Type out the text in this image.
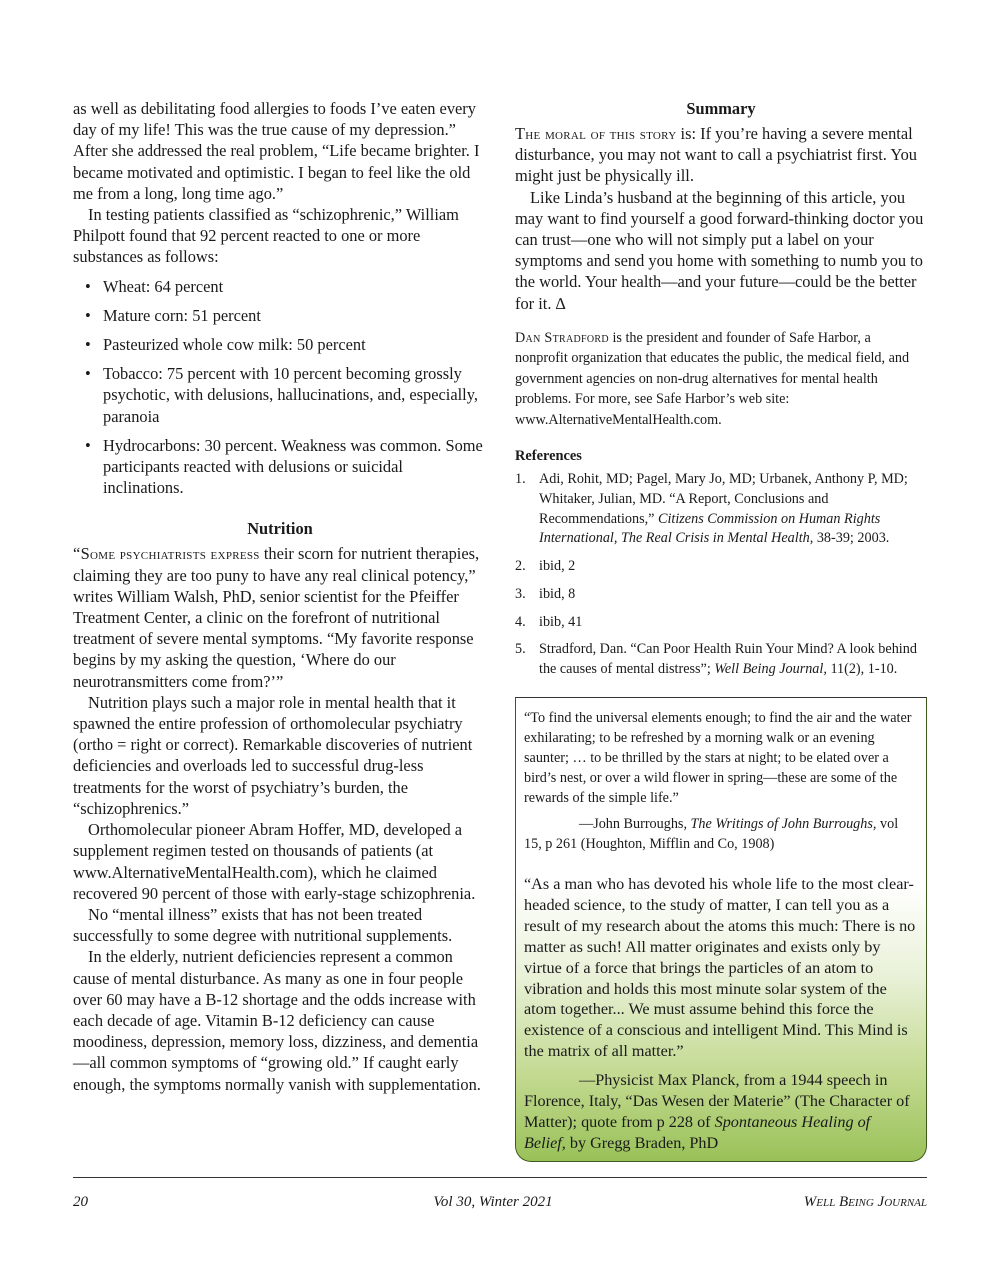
as well as debilitating food allergies to foods I’ve eaten every day of my life! This was the true cause of my depression.” After she addressed the real problem, “Life became brighter. I became motivated and optimistic. I began to feel like the old me from a long, long time ago.”

In testing patients classified as “schizophrenic,” William Philpott found that 92 percent reacted to one or more substances as follows:

• Wheat: 64 percent
• Mature corn: 51 percent
• Pasteurized whole cow milk: 50 percent
• Tobacco: 75 percent with 10 percent becoming grossly psychotic, with delusions, hallucinations, and, especially, paranoia
• Hydrocarbons: 30 percent. Weakness was common. Some participants reacted with delusions or suicidal inclinations.

Nutrition

“Some psychiatrists express their scorn for nutrient therapies, claiming they are too puny to have any real clinical potency,” writes William Walsh, PhD, senior scientist for the Pfeiffer Treatment Center, a clinic on the forefront of nutritional treatment of severe mental symptoms. “My favorite response begins by my asking the question, ‘Where do our neurotransmitters come from?’”

Nutrition plays such a major role in mental health that it spawned the entire profession of orthomolecular psychiatry (ortho = right or correct). Remarkable discoveries of nutrient deficiencies and overloads led to successful drug-less treatments for the worst of psychiatry’s burden, the “schizophrenics.”

Orthomolecular pioneer Abram Hoffer, MD, developed a supplement regimen tested on thousands of patients (at www.AlternativeMentalHealth.com), which he claimed recovered 90 percent of those with early-stage schizophrenia.

No “mental illness” exists that has not been treated successfully to some degree with nutritional supplements.

In the elderly, nutrient deficiencies represent a common cause of mental disturbance. As many as one in four people over 60 may have a B-12 shortage and the odds increase with each decade of age. Vitamin B-12 deficiency can cause moodiness, depression, memory loss, dizziness, and dementia—all common symptoms of “growing old.” If caught early enough, the symptoms normally vanish with supplementation.

Summary

The moral of this story is: If you’re having a severe mental disturbance, you may not want to call a psychiatrist first. You might just be physically ill.

Like Linda’s husband at the beginning of this article, you may want to find yourself a good forward-thinking doctor you can trust—one who will not simply put a label on your symptoms and send you home with something to numb you to the world. Your health—and your future—could be the better for it. ∆

Dan Stradford is the president and founder of Safe Harbor, a nonprofit organization that educates the public, the medical field, and government agencies on non-drug alternatives for mental health problems. For more, see Safe Harbor’s web site: www.AlternativeMentalHealth.com.

References

1. Adi, Rohit, MD; Pagel, Mary Jo, MD; Urbanek, Anthony P, MD; Whitaker, Julian, MD. “A Report, Conclusions and Recommendations,” Citizens Commission on Human Rights International, The Real Crisis in Mental Health, 38-39; 2003.
2. ibid, 2
3. ibid, 8
4. ibib, 41
5. Stradford, Dan. “Can Poor Health Ruin Your Mind? A look behind the causes of mental distress”; Well Being Journal, 11(2), 1-10.

“To find the universal elements enough; to find the air and the water exhilarating; to be refreshed by a morning walk or an evening saunter; … to be thrilled by the stars at night; to be elated over a bird’s nest, or over a wild flower in spring—these are some of the rewards of the simple life.”

—John Burroughs, The Writings of John Burroughs, vol 15, p 261 (Houghton, Mifflin and Co, 1908)

“As a man who has devoted his whole life to the most clear-headed science, to the study of matter, I can tell you as a result of my research about the atoms this much: There is no matter as such! All matter originates and exists only by virtue of a force that brings the particles of an atom to vibration and holds this most minute solar system of the atom together... We must assume behind this force the existence of a conscious and intelligent Mind. This Mind is the matrix of all matter.”

—Physicist Max Planck, from a 1944 speech in Florence, Italy, “Das Wesen der Materie” (The Character of Matter); quote from p 228 of Spontaneous Healing of Belief, by Gregg Braden, PhD

20	Vol 30, Winter 2021	Well Being Journal
